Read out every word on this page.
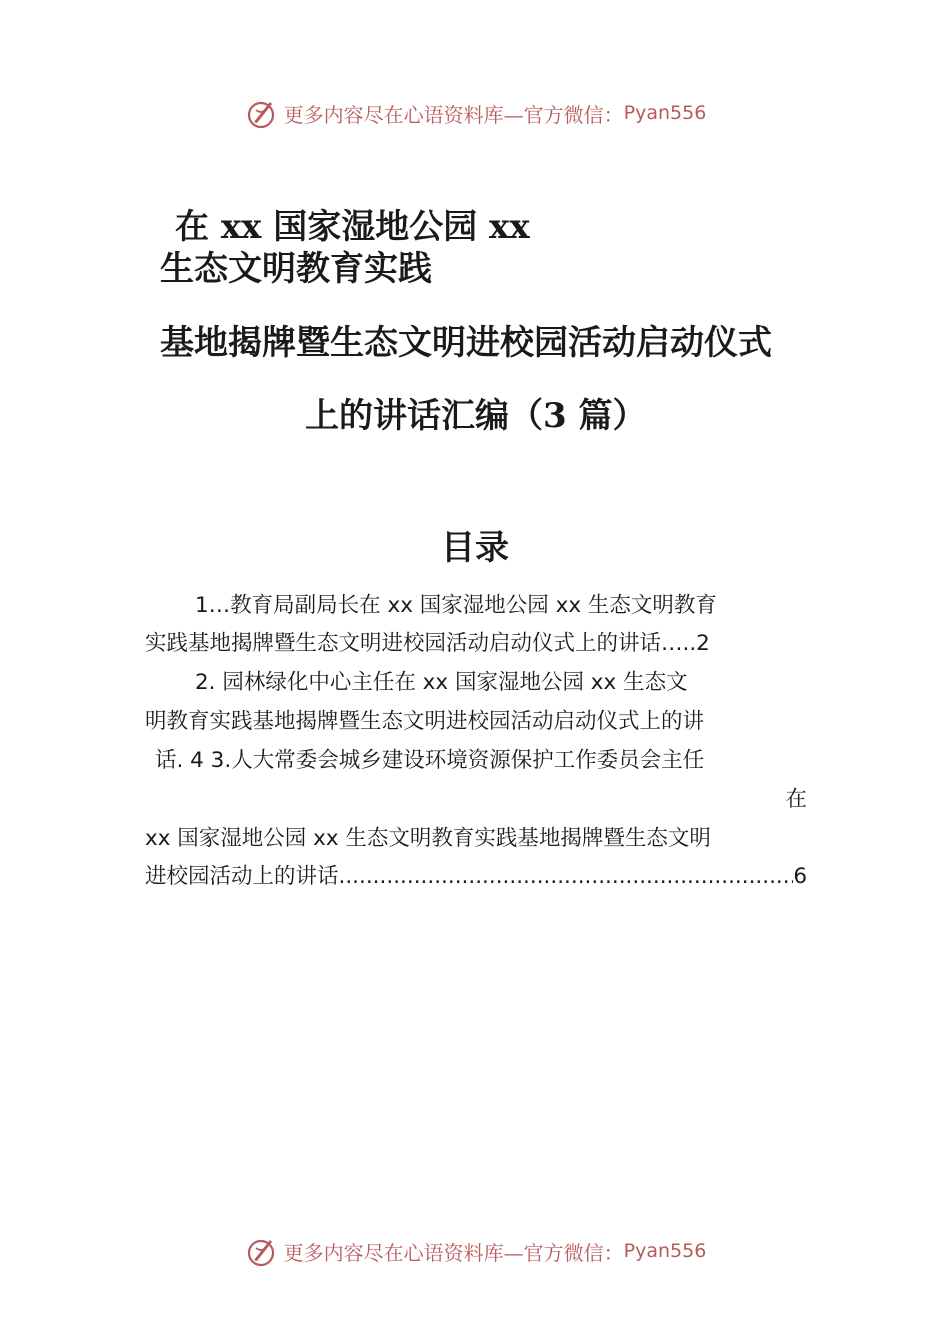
更多内容尽在心语资料库—官方微信： Pyan556
在 xx 国家湿地公园 xx
生态文明教育实践
基地揭牌暨生态文明进校园活动启动仪式
上的讲话汇编（3 篇）
目录
1…教育局副局长在 xx 国家湿地公园 xx 生态文明教育
实践基地揭牌暨生态文明进校园活动启动仪式上的讲话…..2
2. 园林绿化中心主任在 xx 国家湿地公园 xx 生态文
明教育实践基地揭牌暨生态文明进校园活动启动仪式上的讲
话. 4 3.人大常委会城乡建设环境资源保护工作委员会主任
在
xx 国家湿地公园 xx 生态文明教育实践基地揭牌暨生态文明
进校园活动上的讲话
.....	6
更多内容尽在心语资料库—官方微信： Pyan556
